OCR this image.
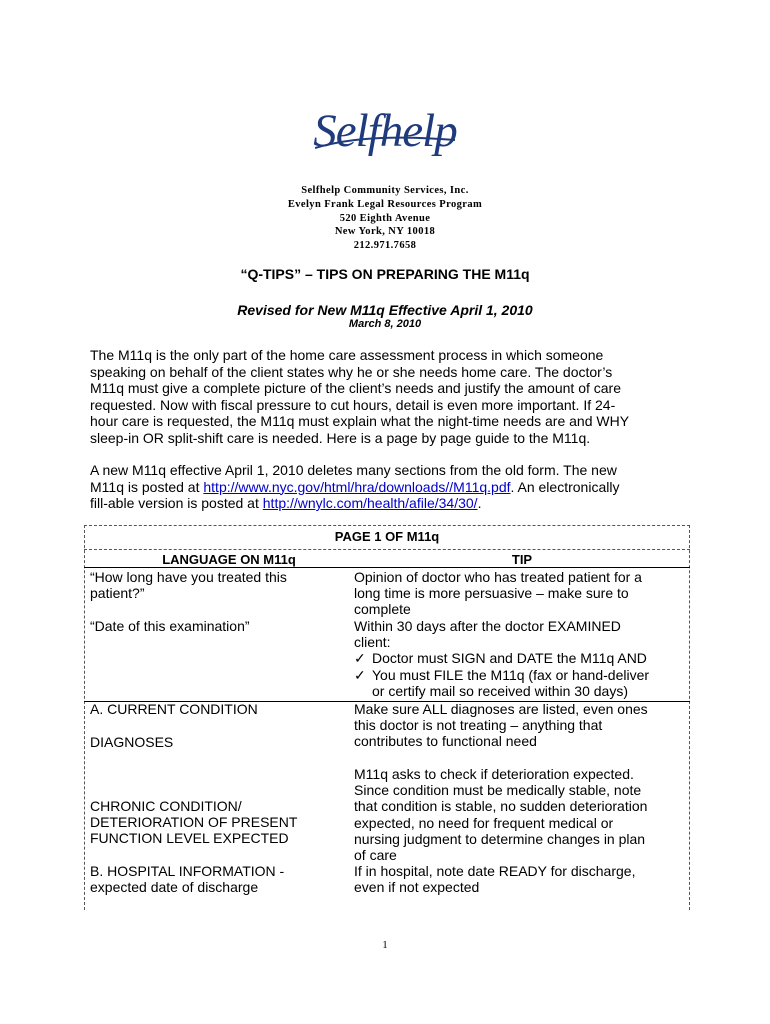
Selfhelp
Selfhelp Community Services, Inc.
Evelyn Frank Legal Resources Program
520 Eighth Avenue
New York, NY 10018
212.971.7658
“Q-TIPS” – TIPS ON PREPARING THE M11q
Revised for New M11q Effective April 1, 2010
March 8, 2010
The M11q is the only part of the home care assessment process in which someone
speaking on behalf of the client states why he or she needs home care. The doctor’s
M11q must give a complete picture of the client’s needs and justify the amount of care
requested. Now with fiscal pressure to cut hours, detail is even more important. If 24-
hour care is requested, the M11q must explain what the night-time needs are and WHY
sleep-in OR split-shift care is needed. Here is a page by page guide to the M11q.
A new M11q effective April 1, 2010 deletes many sections from the old form. The new
M11q is posted at http://www.nyc.gov/html/hra/downloads//M11q.pdf. An electronically
fill-able version is posted at http://wnylc.com/health/afile/34/30/.
PAGE 1 OF M11q
LANGUAGE ON M11q	TIP
“How long have you treated this
patient?”
Opinion of doctor who has treated patient for a
long time is more persuasive – make sure to
complete
“Date of this examination”	Within 30 days after the doctor EXAMINED
client:
✓ Doctor must SIGN and DATE the M11q AND
✓ You must FILE the M11q (fax or hand-deliver
or certify mail so received within 30 days)
A. CURRENT CONDITION
DIAGNOSES
Make sure ALL diagnoses are listed, even ones
this doctor is not treating – anything that
contributes to functional need
CHRONIC CONDITION/
DETERIORATION OF PRESENT
FUNCTION LEVEL EXPECTED
M11q asks to check if deterioration expected.
Since condition must be medically stable, note
that condition is stable, no sudden deterioration
expected, no need for frequent medical or
nursing judgment to determine changes in plan
of care
B. HOSPITAL INFORMATION -
expected date of discharge
If in hospital, note date READY for discharge,
even if not expected
1
